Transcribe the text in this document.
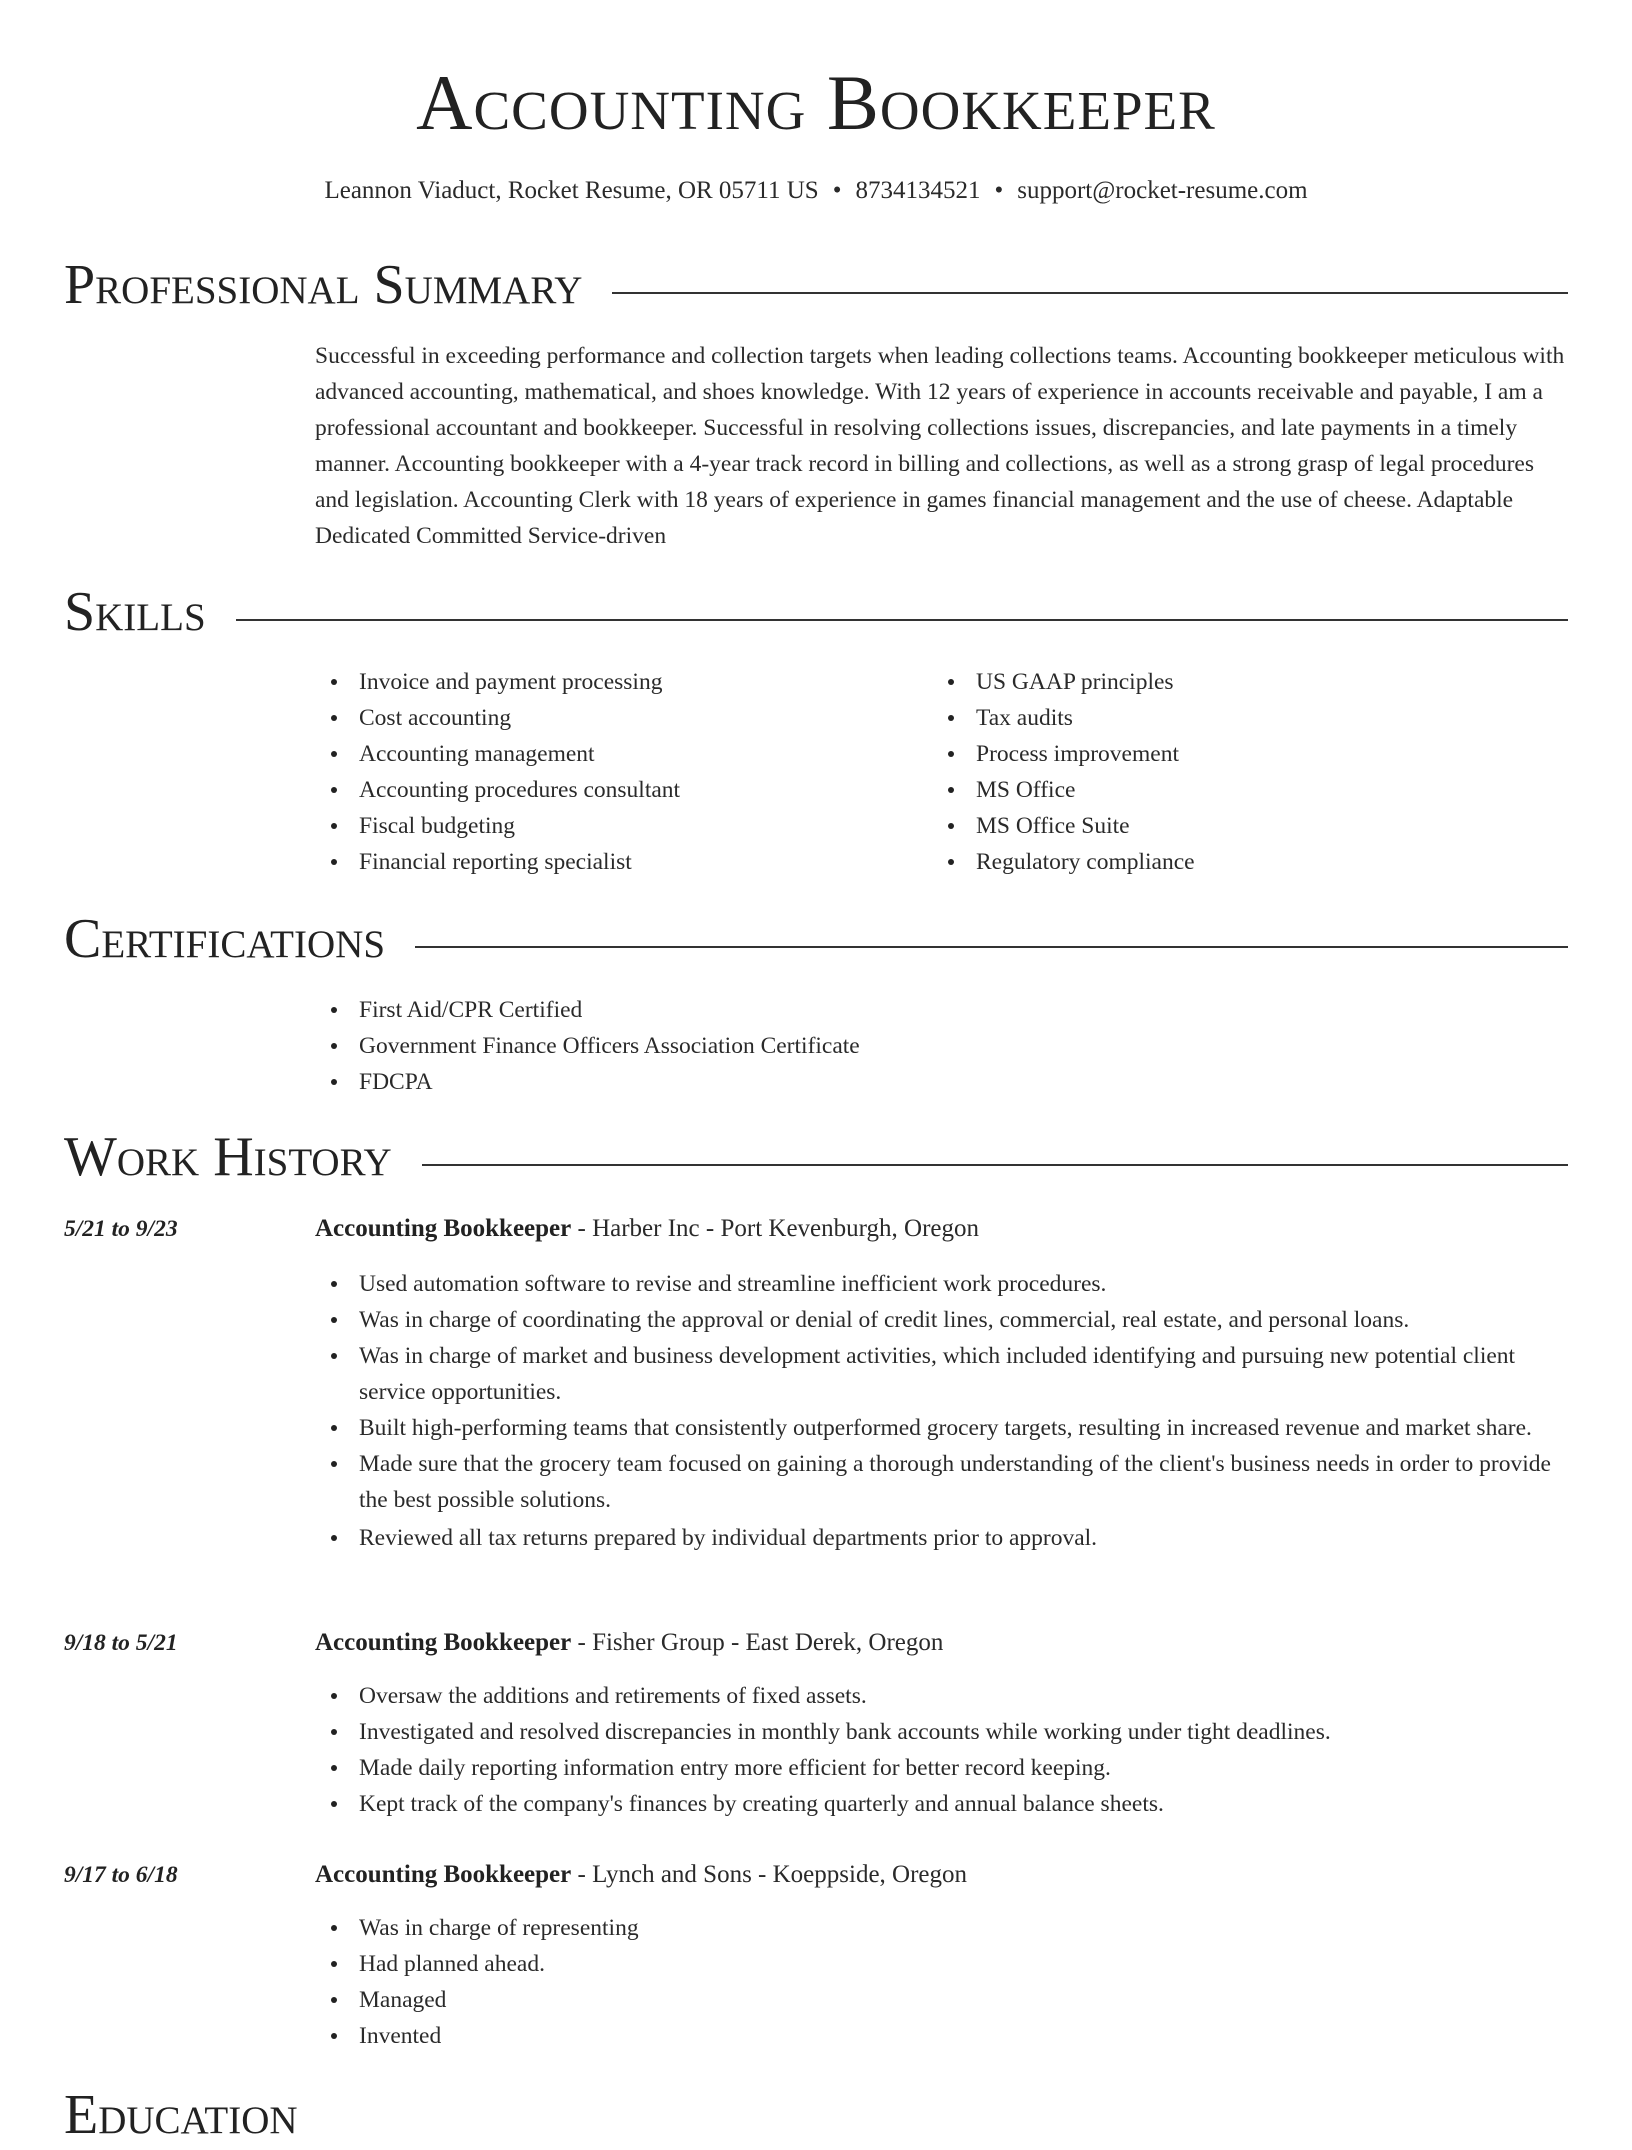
Accounting Bookkeeper
Leannon Viaduct, Rocket Resume, OR 05711 US • 8734134521 • support@rocket-resume.com
Professional Summary
Successful in exceeding performance and collection targets when leading collections teams. Accounting bookkeeper meticulous with advanced accounting, mathematical, and shoes knowledge. With 12 years of experience in accounts receivable and payable, I am a professional accountant and bookkeeper. Successful in resolving collections issues, discrepancies, and late payments in a timely manner. Accounting bookkeeper with a 4-year track record in billing and collections, as well as a strong grasp of legal procedures and legislation. Accounting Clerk with 18 years of experience in games financial management and the use of cheese. Adaptable Dedicated Committed Service-driven
Skills
Invoice and payment processing
Cost accounting
Accounting management
Accounting procedures consultant
Fiscal budgeting
Financial reporting specialist
US GAAP principles
Tax audits
Process improvement
MS Office
MS Office Suite
Regulatory compliance
Certifications
First Aid/CPR Certified
Government Finance Officers Association Certificate
FDCPA
Work History
5/21 to 9/23	Accounting Bookkeeper - Harber Inc - Port Kevenburgh, Oregon
Used automation software to revise and streamline inefficient work procedures.
Was in charge of coordinating the approval or denial of credit lines, commercial, real estate, and personal loans.
Was in charge of market and business development activities, which included identifying and pursuing new potential client service opportunities.
Built high-performing teams that consistently outperformed grocery targets, resulting in increased revenue and market share.
Made sure that the grocery team focused on gaining a thorough understanding of the client's business needs in order to provide the best possible solutions.
Reviewed all tax returns prepared by individual departments prior to approval.
9/18 to 5/21	Accounting Bookkeeper - Fisher Group - East Derek, Oregon
Oversaw the additions and retirements of fixed assets.
Investigated and resolved discrepancies in monthly bank accounts while working under tight deadlines.
Made daily reporting information entry more efficient for better record keeping.
Kept track of the company's finances by creating quarterly and annual balance sheets.
9/17 to 6/18	Accounting Bookkeeper - Lynch and Sons - Koeppside, Oregon
Was in charge of representing
Had planned ahead.
Managed
Invented
Education
